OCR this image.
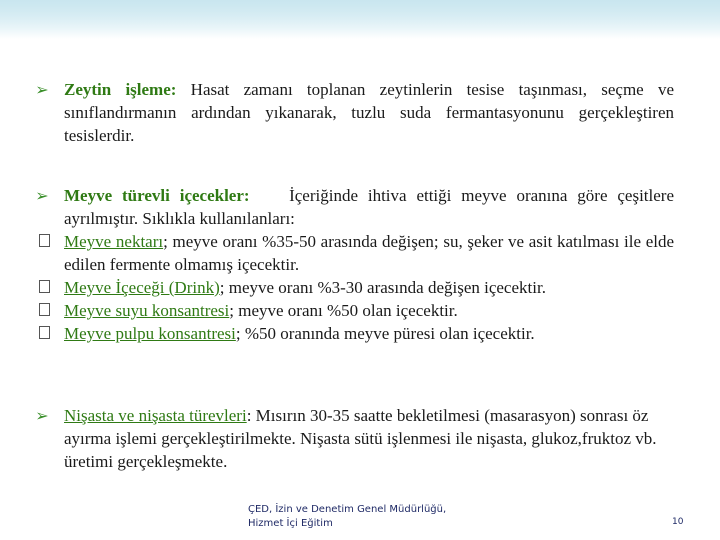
➢ Zeytin işleme: Hasat zamanı toplanan zeytinlerin tesise taşınması, seçme ve sınıflandırmanın ardından yıkanarak, tuzlu suda fermantasyonunu gerçekleştiren tesislerdir.

➢ Meyve türevli içecekler: İçeriğinde ihtiva ettiği meyve oranına göre çeşitlere ayrılmıştır. Sıklıkla kullanılanları:

Meyve nektarı; meyve oranı %35-50 arasında değişen; su, şeker ve asit katılması ile elde edilen fermente olmamış içecektir.

Meyve İçeceği (Drink); meyve oranı %3-30 arasında değişen içecektir.

Meyve suyu konsantresi; meyve oranı %50 olan içecektir.

Meyve pulpu konsantresi; %50 oranında meyve püresi olan içecektir.

➢ Nişasta ve nişasta türevleri: Mısırın 30-35 saatte bekletilmesi (masarasyon) sonrası öz ayırma işlemi gerçekleştirilmekte. Nişasta sütü işlenmesi ile nişasta, glukoz,fruktoz vb. üretimi gerçekleşmekte.

ÇED, İzin ve Denetim Genel Müdürlüğü,
Hizmet İçi Eğitim	10
